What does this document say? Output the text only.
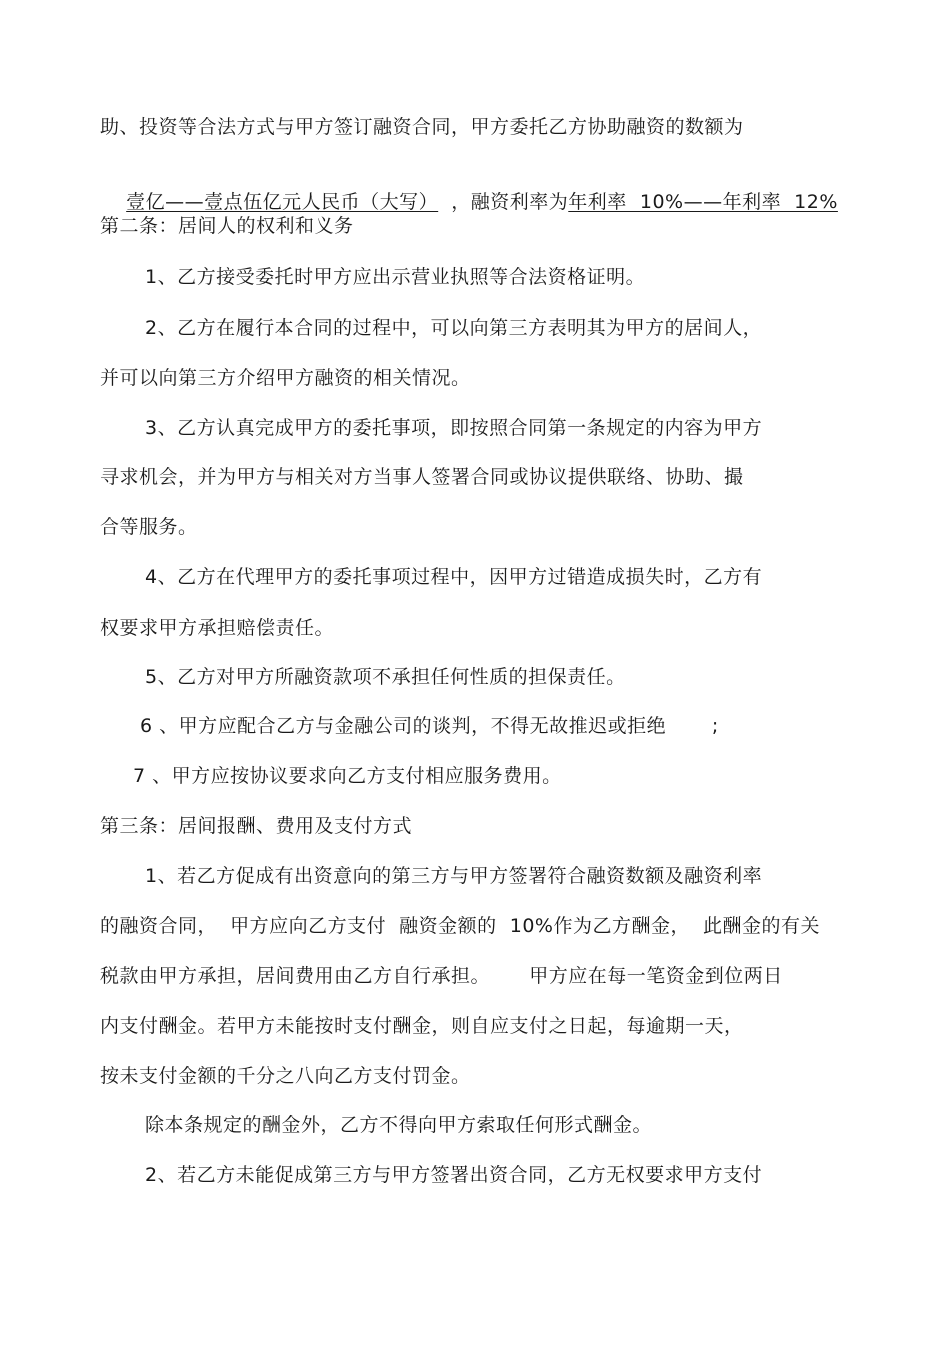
助、投资等合法方式与甲方签订融资合同，甲方委托乙方协助融资的数额为

壹亿——壹点伍亿元人民币（大写）  ，融资利率为年利率  10%——年利率  12%

第二条：居间人的权利和义务
1、乙方接受委托时甲方应出示营业执照等合法资格证明。
2、乙方在履行本合同的过程中，可以向第三方表明其为甲方的居间人，
并可以向第三方介绍甲方融资的相关情况。
3、乙方认真完成甲方的委托事项，即按照合同第一条规定的内容为甲方
寻求机会，并为甲方与相关对方当事人签署合同或协议提供联络、协助、撮
合等服务。
4、乙方在代理甲方的委托事项过程中，因甲方过错造成损失时，乙方有
权要求甲方承担赔偿责任。
5、乙方对甲方所融资款项不承担任何性质的担保责任。
6 、甲方应配合乙方与金融公司的谈判，不得无故推迟或拒绝       ;
7 、甲方应按协议要求向乙方支付相应服务费用。
第三条：居间报酬、费用及支付方式
1、若乙方促成有出资意向的第三方与甲方签署符合融资数额及融资利率
的融资合同，  甲方应向乙方支付  融资金额的  10%作为乙方酬金，  此酬金的有关
税款由甲方承担，居间费用由乙方自行承担。      甲方应在每一笔资金到位两日
内支付酬金。若甲方未能按时支付酬金，则自应支付之日起，每逾期一天，
按未支付金额的千分之八向乙方支付罚金。
除本条规定的酬金外，乙方不得向甲方索取任何形式酬金。
2、若乙方未能促成第三方与甲方签署出资合同，乙方无权要求甲方支付
